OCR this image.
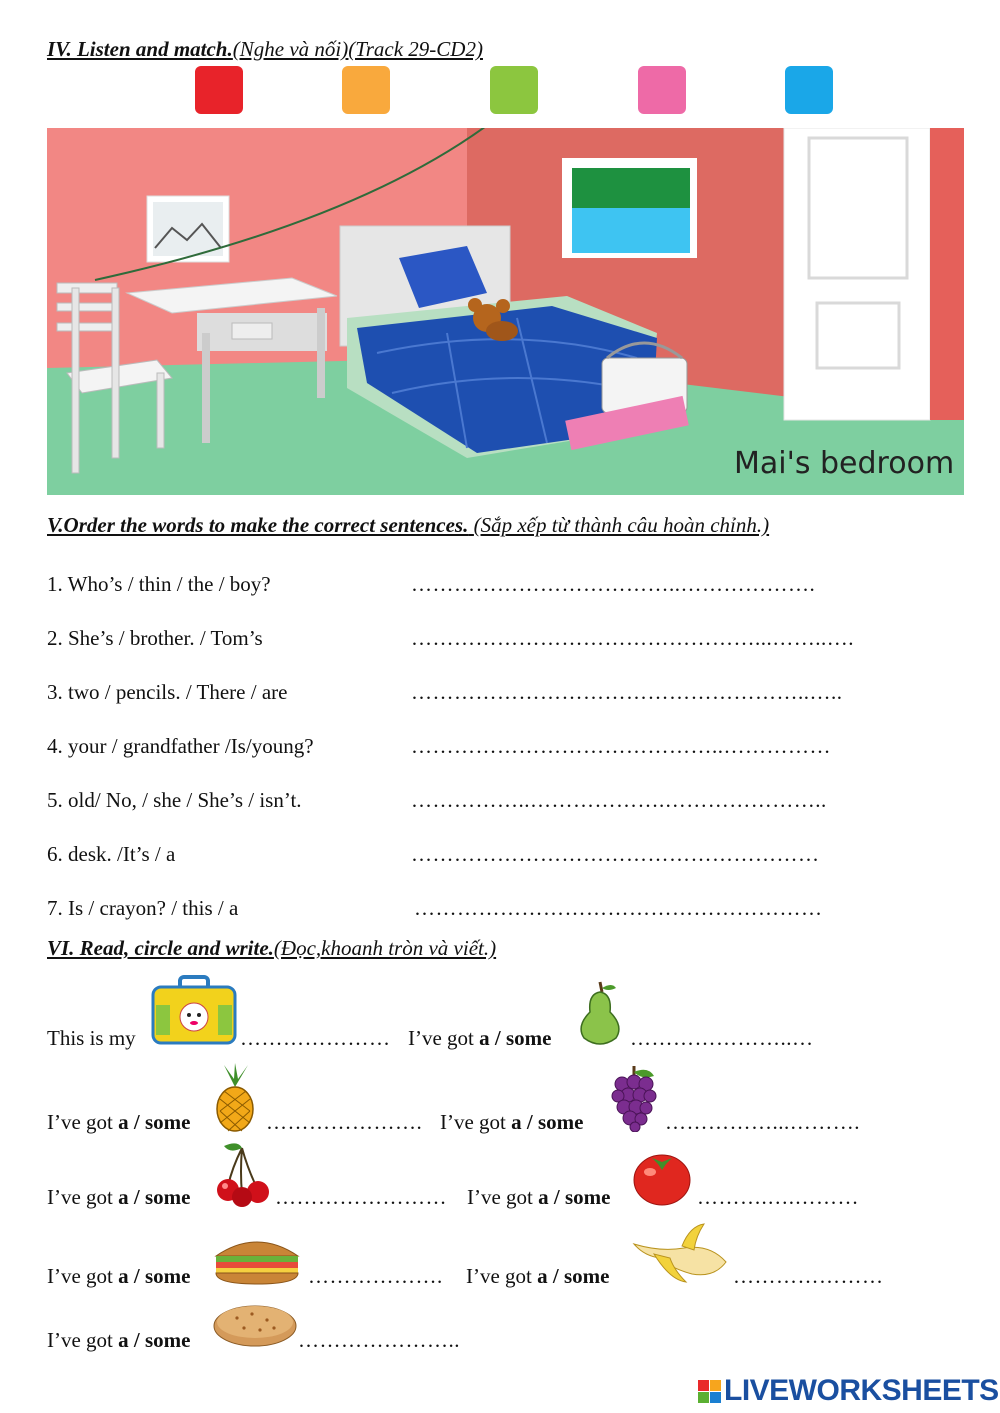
IV. Listen and match.(Nghe và nối)(Track 29-CD2)
Mai's bedroom
V.Order the words to make the correct sentences. (Sắp xếp từ thành câu hoàn chỉnh.)
1. Who’s / thin / the / boy?	………………………………..……………….
2. She’s / brother. / Tom’s	…………………………………………...……..….
3. two / pencils. / There / are	………………………………………………..…..
4. your / grandfather /Is/young?	……………………………………..……………
5. old/ No, / she / She’s / isn’t.	……………..……………….…………………..
6. desk. /It’s / a	…………………………………………………
7. Is / crayon? / this / a	…………………………………………………
VI. Read, circle and write.(Đọc,khoanh tròn và viết.)
This is my	………………… I’ve got a / some	…………………..…
I’ve got a / some	…………………. I’ve got a / some	……………...……….
I’ve got a / some	…………………… I’ve got a / some	……….….………
I’ve got a / some	………………. I’ve got a / some	…………………
I’ve got a / some	…………………..
LIVEWORKSHEETS
